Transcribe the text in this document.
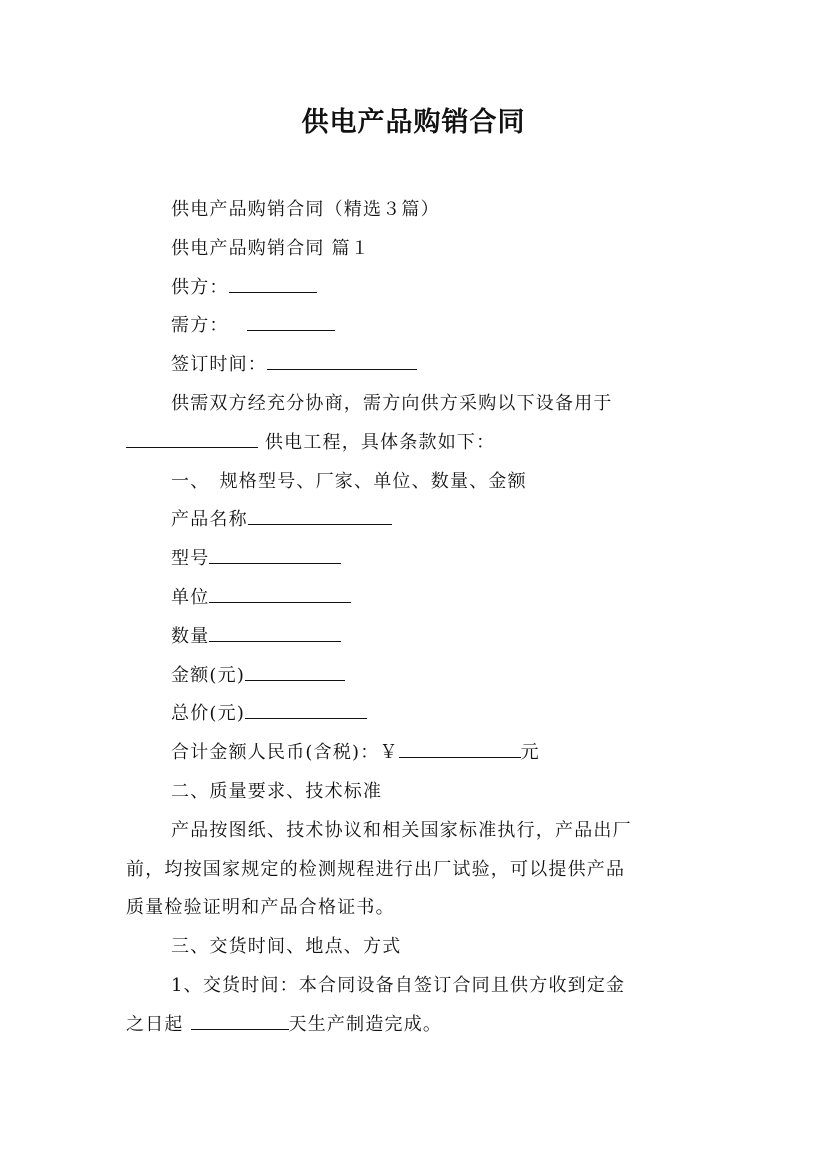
供电产品购销合同
供电产品购销合同（精选３篇）
供电产品购销合同 篇１
供方：
需方：
签订时间：
供需双方经充分协商，需方向供方采购以下设备用于
供电工程，具体条款如下：
一、　规格型号、厂家、单位、数量、金额
产品名称
型号
单位
数量
金额(元)
总价(元)
合计金额人民币(含税)：￥	元
二、质量要求、技术标准
产品按图纸、技术协议和相关国家标准执行，产品出厂
前，均按国家规定的检测规程进行出厂试验，可以提供产品
质量检验证明和产品合格证书。
三、交货时间、地点、方式
1、交货时间：本合同设备自签订合同且供方收到定金
之日起	天生产制造完成。
